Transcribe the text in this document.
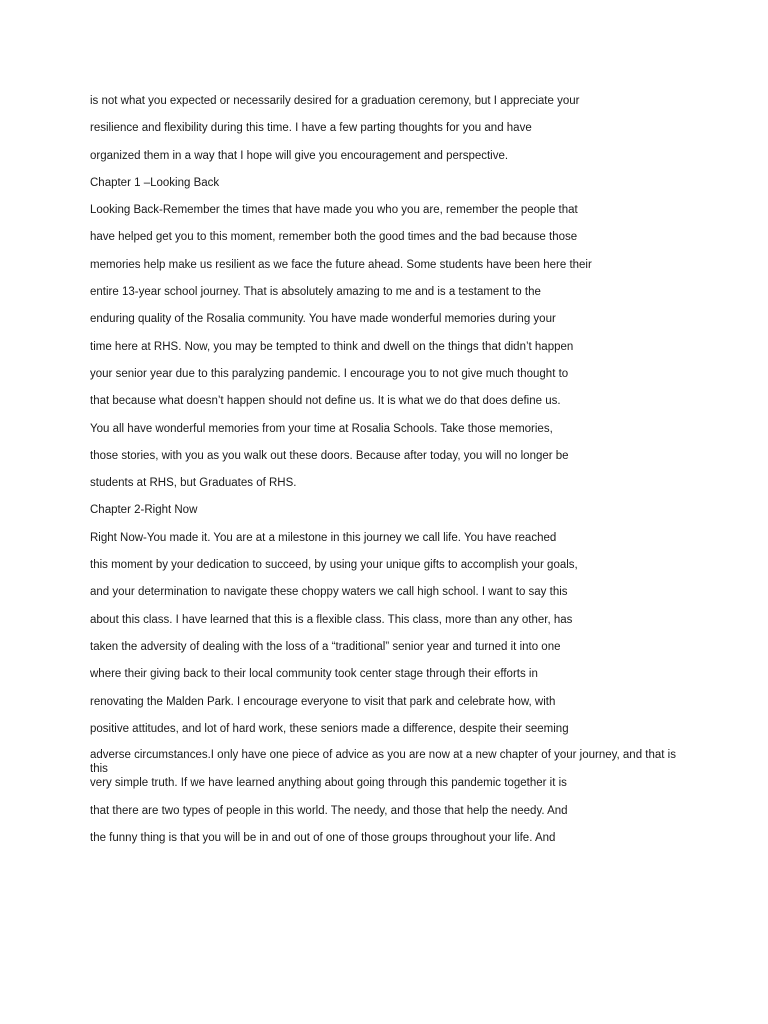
is not what you expected or necessarily desired for a graduation ceremony, but I appreciate your
resilience and flexibility during this time. I have a few parting thoughts for you and have
organized them in a way that I hope will give you encouragement and perspective.
Chapter 1 –Looking Back
Looking Back-Remember the times that have made you who you are, remember the people that
have helped get you to this moment, remember both the good times and the bad because those
memories help make us resilient as we face the future ahead. Some students have been here their
entire 13-year school journey. That is absolutely amazing to me and is a testament to the
enduring quality of the Rosalia community. You have made wonderful memories during your
time here at RHS. Now, you may be tempted to think and dwell on the things that didn’t happen
your senior year due to this paralyzing pandemic. I encourage you to not give much thought to
that because what doesn’t happen should not define us. It is what we do that does define us.
You all have wonderful memories from your time at Rosalia Schools. Take those memories,
those stories, with you as you walk out these doors. Because after today, you will no longer be
students at RHS, but Graduates of RHS.
Chapter 2-Right Now
Right Now-You made it. You are at a milestone in this journey we call life. You have reached
this moment by your dedication to succeed, by using your unique gifts to accomplish your goals,
and your determination to navigate these choppy waters we call high school. I want to say this
about this class. I have learned that this is a flexible class. This class, more than any other, has
taken the adversity of dealing with the loss of a “traditional” senior year and turned it into one
where their giving back to their local community took center stage through their efforts in
renovating the Malden Park. I encourage everyone to visit that park and celebrate how, with
positive attitudes, and lot of hard work, these seniors made a difference, despite their seeming
adverse circumstances.I only have one piece of advice as you are now at a new chapter of your journey, and that is this
very simple truth. If we have learned anything about going through this pandemic together it is
that there are two types of people in this world. The needy, and those that help the needy. And
the funny thing is that you will be in and out of one of those groups throughout your life. And
